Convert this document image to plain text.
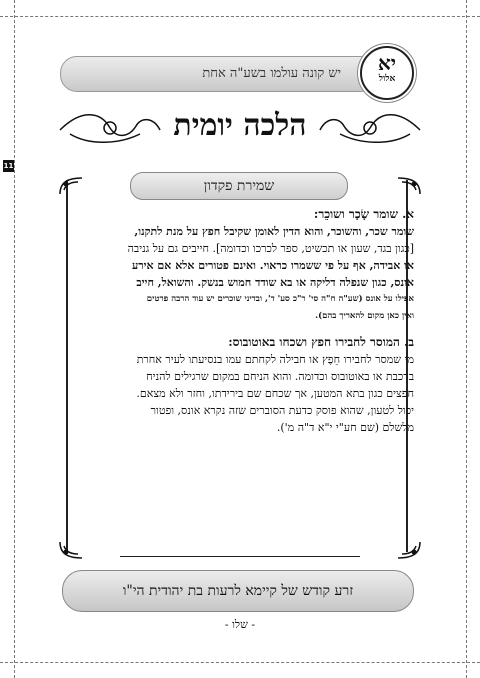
11
יש קונה עולמו בשע"ה אחת	יא
אלול
הלכה יומית
שמירת פקדון
א. שומר שָׂכָר ושוכֵר:
שומר שכר, והשוכר, והוא הדין לאומן שקיבל חפץ על מנת לתקנו,
[כגון בגד, שעון או תכשיט, ספר לכרכו וכדומה]. חייבים גם על גניבה
או אבידה, אף על פי ששמרו כראוי. ואינם פטורים אלא אם אירע
אונס, כגון שנפלה דליקה או בא שודד חמוש בנשק. והשואל, חייב
אפילו על אונס (שע"ה ח"ה סי' ר"כ סע' ד', ובדיני שוכרים יש עוד הרבה פרטים
ואין כאן מקום להאריך בהם).
ב. המוסר לחבירו חפץ ושכחו באוטובוס:
מי שמסר לחבירו חֵפֶץ או חבילה לקחתם עמו בנסיעתו לעיר אחרת
ברכבת או באוטובוס וכדומה. והוא הניחם במקום שרגילים להניח
חפצים כגון בתא המטען, אך שכחם שם בירידתו, וחזר ולא מצאם.
יכול לטעון, שהוא פוסק כדעת הסוברים שזה נקרא אונס, ופטור
מלשלם (שם חע"י י"א ד"ה מ').
זרע קודש של קיימא לרעות בת יהודית הי"ו
- שלו -
